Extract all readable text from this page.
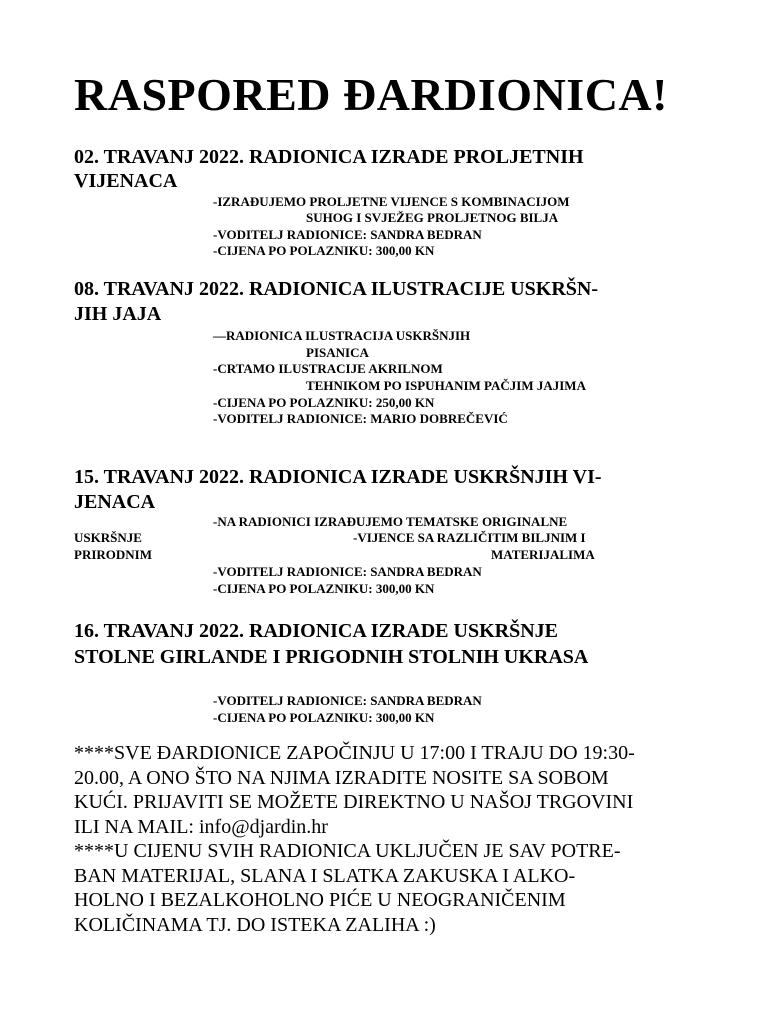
RASPORED ĐARDIONICA!
02. TRAVANJ 2022. RADIONICA IZRADE PROLJETNIH
VIJENACA
-IZRAĐUJEMO PROLJETNE VIJENCE S KOMBINACIJOM
SUHOG I SVJEŽEG PROLJETNOG BILJA
-VODITELJ RADIONICE: SANDRA BEDRAN
-CIJENA PO POLAZNIKU: 300,00 KN
08. TRAVANJ 2022. RADIONICA ILUSTRACIJE USKRŠN-
JIH JAJA
—RADIONICA ILUSTRACIJA USKRŠNJIH
PISANICA
-CRTAMO ILUSTRACIJE AKRILNOM
TEHNIKOM PO ISPUHANIM PAČJIM JAJIMA
-CIJENA PO POLAZNIKU: 250,00 KN
-VODITELJ RADIONICE: MARIO DOBREČEVIĆ
15. TRAVANJ 2022. RADIONICA IZRADE USKRŠNJIH VI-
JENACA
-NA RADIONICI IZRAĐUJEMO TEMATSKE ORIGINALNE
USKRŠNJE	-VIJENCE SA RAZLIČITIM BILJNIM I
PRIRODNIM	MATERIJALIMA
-VODITELJ RADIONICE: SANDRA BEDRAN
-CIJENA PO POLAZNIKU: 300,00 KN
16. TRAVANJ 2022. RADIONICA IZRADE USKRŠNJE
STOLNE GIRLANDE I PRIGODNIH STOLNIH UKRASA
-VODITELJ RADIONICE: SANDRA BEDRAN
-CIJENA PO POLAZNIKU: 300,00 KN
****SVE ĐARDIONICE ZAPOČINJU U 17:00 I TRAJU DO 19:30-
20.00, A ONO ŠTO NA NJIMA IZRADITE NOSITE SA SOBOM
KUĆI. PRIJAVITI SE MOŽETE DIREKTNO U NAŠOJ TRGOVINI
ILI NA MAIL: info@djardin.hr
****U CIJENU SVIH RADIONICA UKLJUČEN JE SAV POTRE-
BAN MATERIJAL, SLANA I SLATKA ZAKUSKA I ALKO-
HOLNO I BEZALKOHOLNO PIĆE U NEOGRANIČENIM
KOLIČINAMA TJ. DO ISTEKA ZALIHA :)
